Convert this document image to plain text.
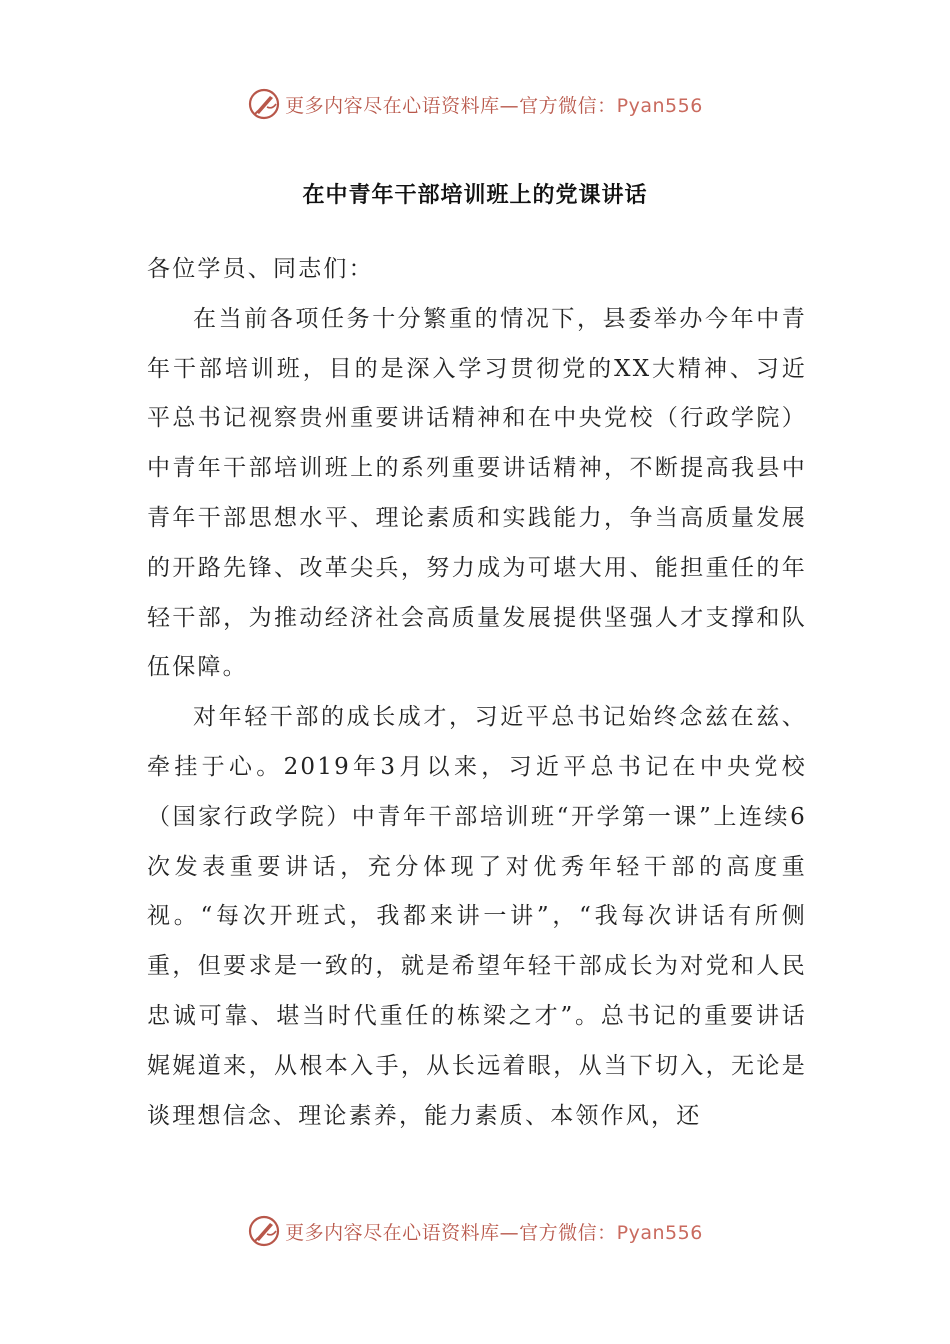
更多内容尽在心语资料库—官方微信：Pyan556
在中青年干部培训班上的党课讲话

各位学员、同志们：

在当前各项任务十分繁重的情况下，县委举办今年中青年干部培训班，目的是深入学习贯彻党的XX大精神、习近平总书记视察贵州重要讲话精神和在中央党校（行政学院）中青年干部培训班上的系列重要讲话精神，不断提高我县中青年干部思想水平、理论素质和实践能力，争当高质量发展的开路先锋、改革尖兵，努力成为可堪大用、能担重任的年轻干部，为推动经济社会高质量发展提供坚强人才支撑和队伍保障。

对年轻干部的成长成才，习近平总书记始终念兹在兹、牵挂于心。2019年3月以来，习近平总书记在中央党校（国家行政学院）中青年干部培训班“开学第一课”上连续6次发表重要讲话，充分体现了对优秀年轻干部的高度重视。“每次开班式，我都来讲一讲”，“我每次讲话有所侧重，但要求是一致的，就是希望年轻干部成长为对党和人民忠诚可靠、堪当时代重任的栋梁之才”。总书记的重要讲话娓娓道来，从根本入手，从长远着眼，从当下切入，无论是谈理想信念、理论素养，能力素质、本领作风，还

更多内容尽在心语资料库—官方微信：Pyan556
